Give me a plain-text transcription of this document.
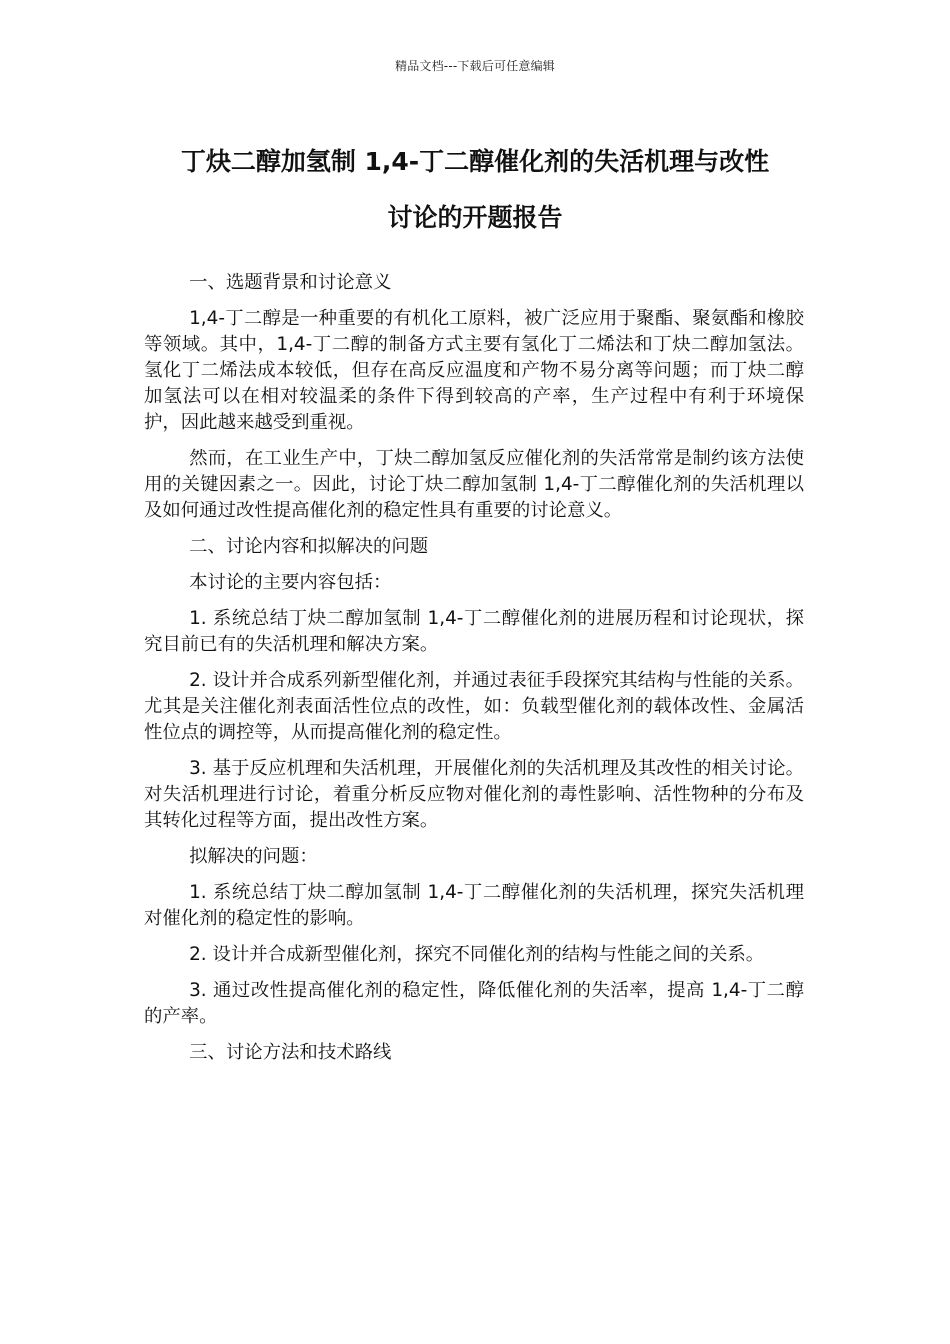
精品文档---下载后可任意编辑
丁炔二醇加氢制 1,4-丁二醇催化剂的失活机理与改性
讨论的开题报告

一、选题背景和讨论意义

1,4-丁二醇是一种重要的有机化工原料，被广泛应用于聚酯、聚氨酯和橡胶等领域。其中，1,4-丁二醇的制备方式主要有氢化丁二烯法和丁炔二醇加氢法。氢化丁二烯法成本较低，但存在高反应温度和产物不易分离等问题；而丁炔二醇加氢法可以在相对较温柔的条件下得到较高的产率，生产过程中有利于环境保护，因此越来越受到重视。

然而，在工业生产中，丁炔二醇加氢反应催化剂的失活常常是制约该方法使用的关键因素之一。因此，讨论丁炔二醇加氢制 1,4-丁二醇催化剂的失活机理以及如何通过改性提高催化剂的稳定性具有重要的讨论意义。

二、讨论内容和拟解决的问题

本讨论的主要内容包括：

1. 系统总结丁炔二醇加氢制 1,4-丁二醇催化剂的进展历程和讨论现状，探究目前已有的失活机理和解决方案。

2. 设计并合成系列新型催化剂，并通过表征手段探究其结构与性能的关系。尤其是关注催化剂表面活性位点的改性，如：负载型催化剂的载体改性、金属活性位点的调控等，从而提高催化剂的稳定性。

3. 基于反应机理和失活机理，开展催化剂的失活机理及其改性的相关讨论。对失活机理进行讨论，着重分析反应物对催化剂的毒性影响、活性物种的分布及其转化过程等方面，提出改性方案。

拟解决的问题：

1. 系统总结丁炔二醇加氢制 1,4-丁二醇催化剂的失活机理，探究失活机理对催化剂的稳定性的影响。

2. 设计并合成新型催化剂，探究不同催化剂的结构与性能之间的关系。

3. 通过改性提高催化剂的稳定性，降低催化剂的失活率，提高 1,4-丁二醇的产率。

三、讨论方法和技术路线
